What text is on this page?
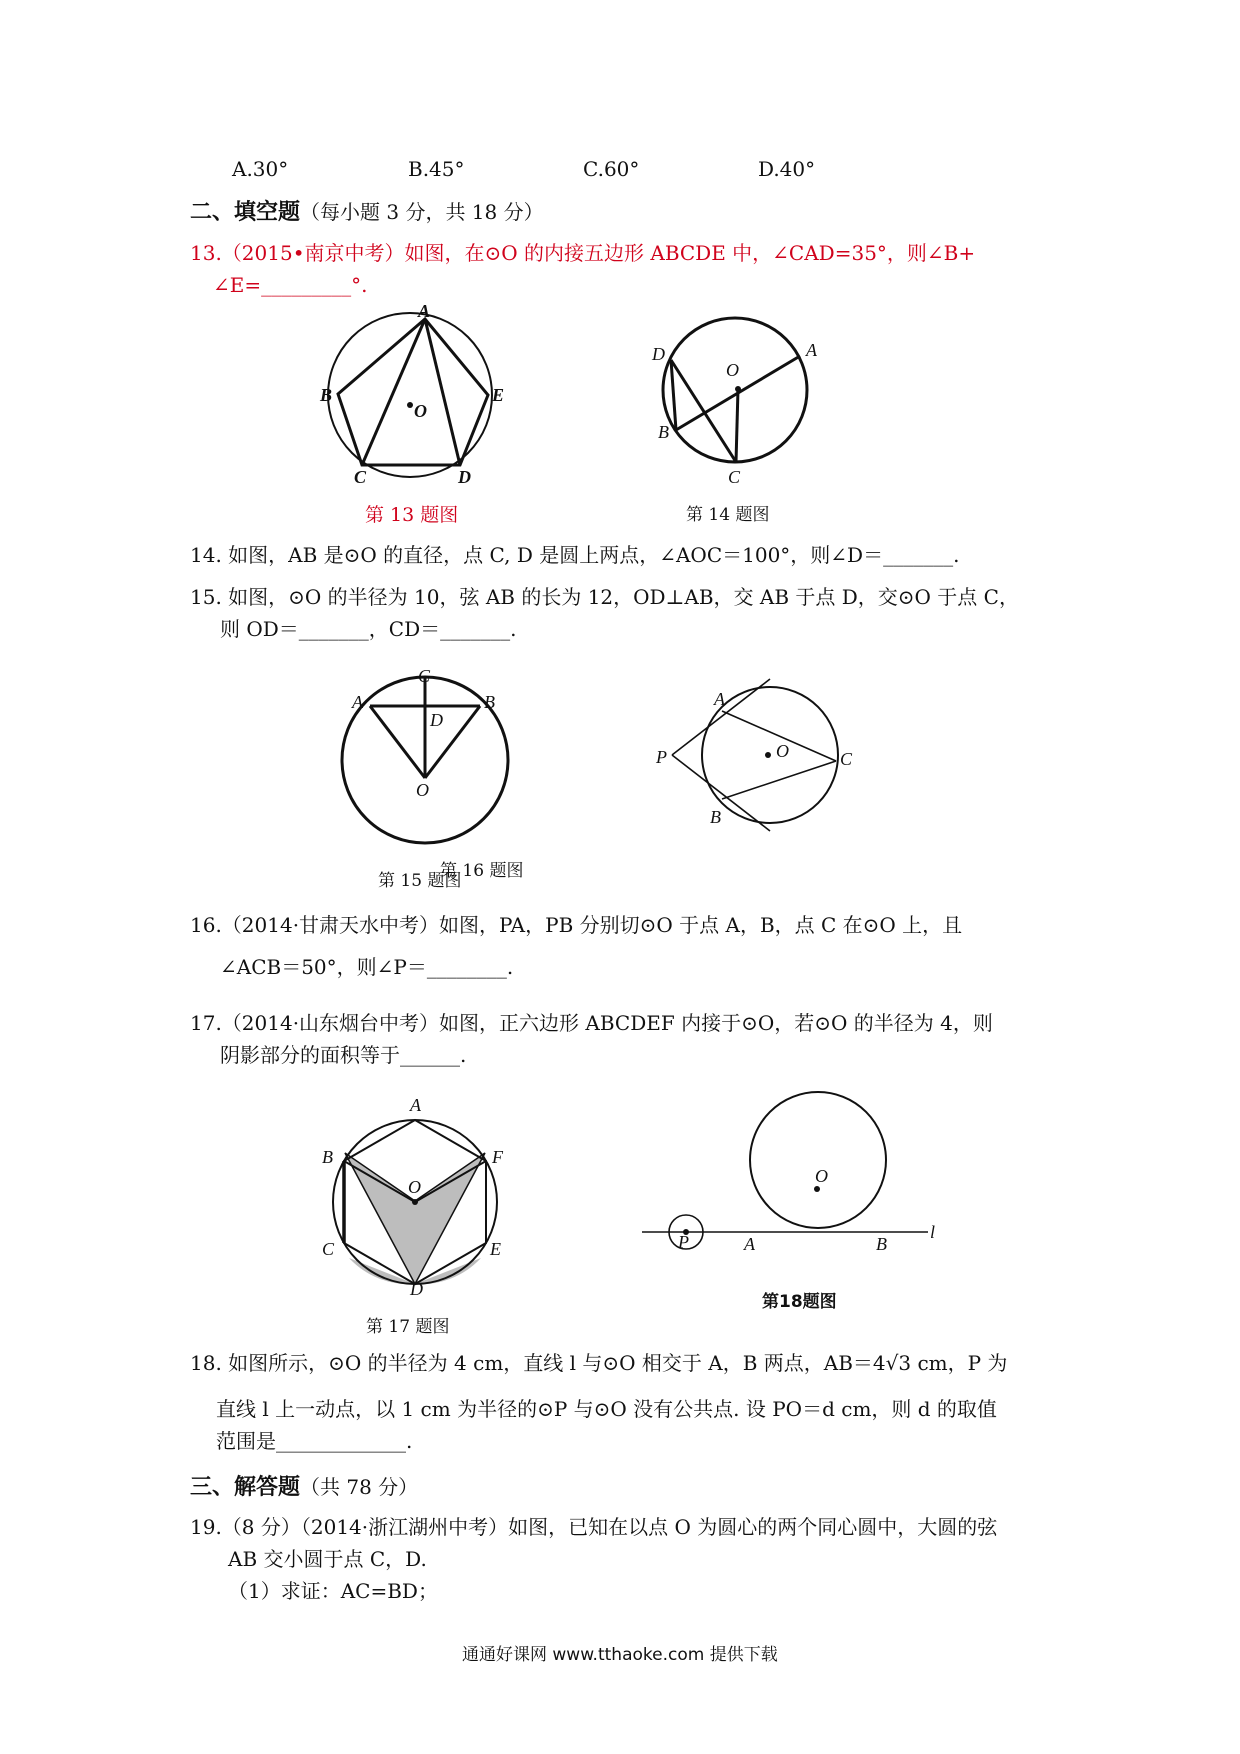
A.30°	B.45°	C.60°	D.40°
二、填空题（每小题 3 分，共 18 分）
13.（2015•南京中考）如图，在⊙O 的内接五边形 ABCDE 中，∠CAD=35°，则∠B+
∠E=_________°.
A
B	E
O
C	D
第 13 题图
D	A
O
B
C
第 14 题图
14. 如图，AB 是⊙O 的直径，点 C, D 是圆上两点，∠AOC＝100°，则∠D＝_______.
15. 如图，⊙O 的半径为 10，弦 AB 的长为 12，OD⊥AB，交 AB 于点 D，交⊙O 于点 C，
则 OD＝_______，CD＝_______.
C
A	B
D
O
第 15 题图
A
P	O	C
B
第 16 题图
16.（2014·甘肃天水中考）如图，PA，PB 分别切⊙O 于点 A，B，点 C 在⊙O 上，且
∠ACB＝50°，则∠P＝________.
17.（2014·山东烟台中考）如图，正六边形 ABCDEF 内接于⊙O，若⊙O 的半径为 4，则
阴影部分的面积等于______.
A
B	F
O
C	E
D
第 17 题图
O
P	A	B
l
第18题图
18. 如图所示，⊙O 的半径为 4 cm，直线 l 与⊙O 相交于 A，B 两点，AB＝4√3 cm，P 为
直线 l 上一动点，以 1 cm 为半径的⊙P 与⊙O 没有公共点. 设 PO＝d cm，则 d 的取值
范围是_____________.
三、解答题（共 78 分）
19.（8 分）（2014·浙江湖州中考）如图，已知在以点 O 为圆心的两个同心圆中，大圆的弦
AB 交小圆于点 C，D.
（1）求证：AC=BD；
通通好课网 www.tthaoke.com 提供下载
